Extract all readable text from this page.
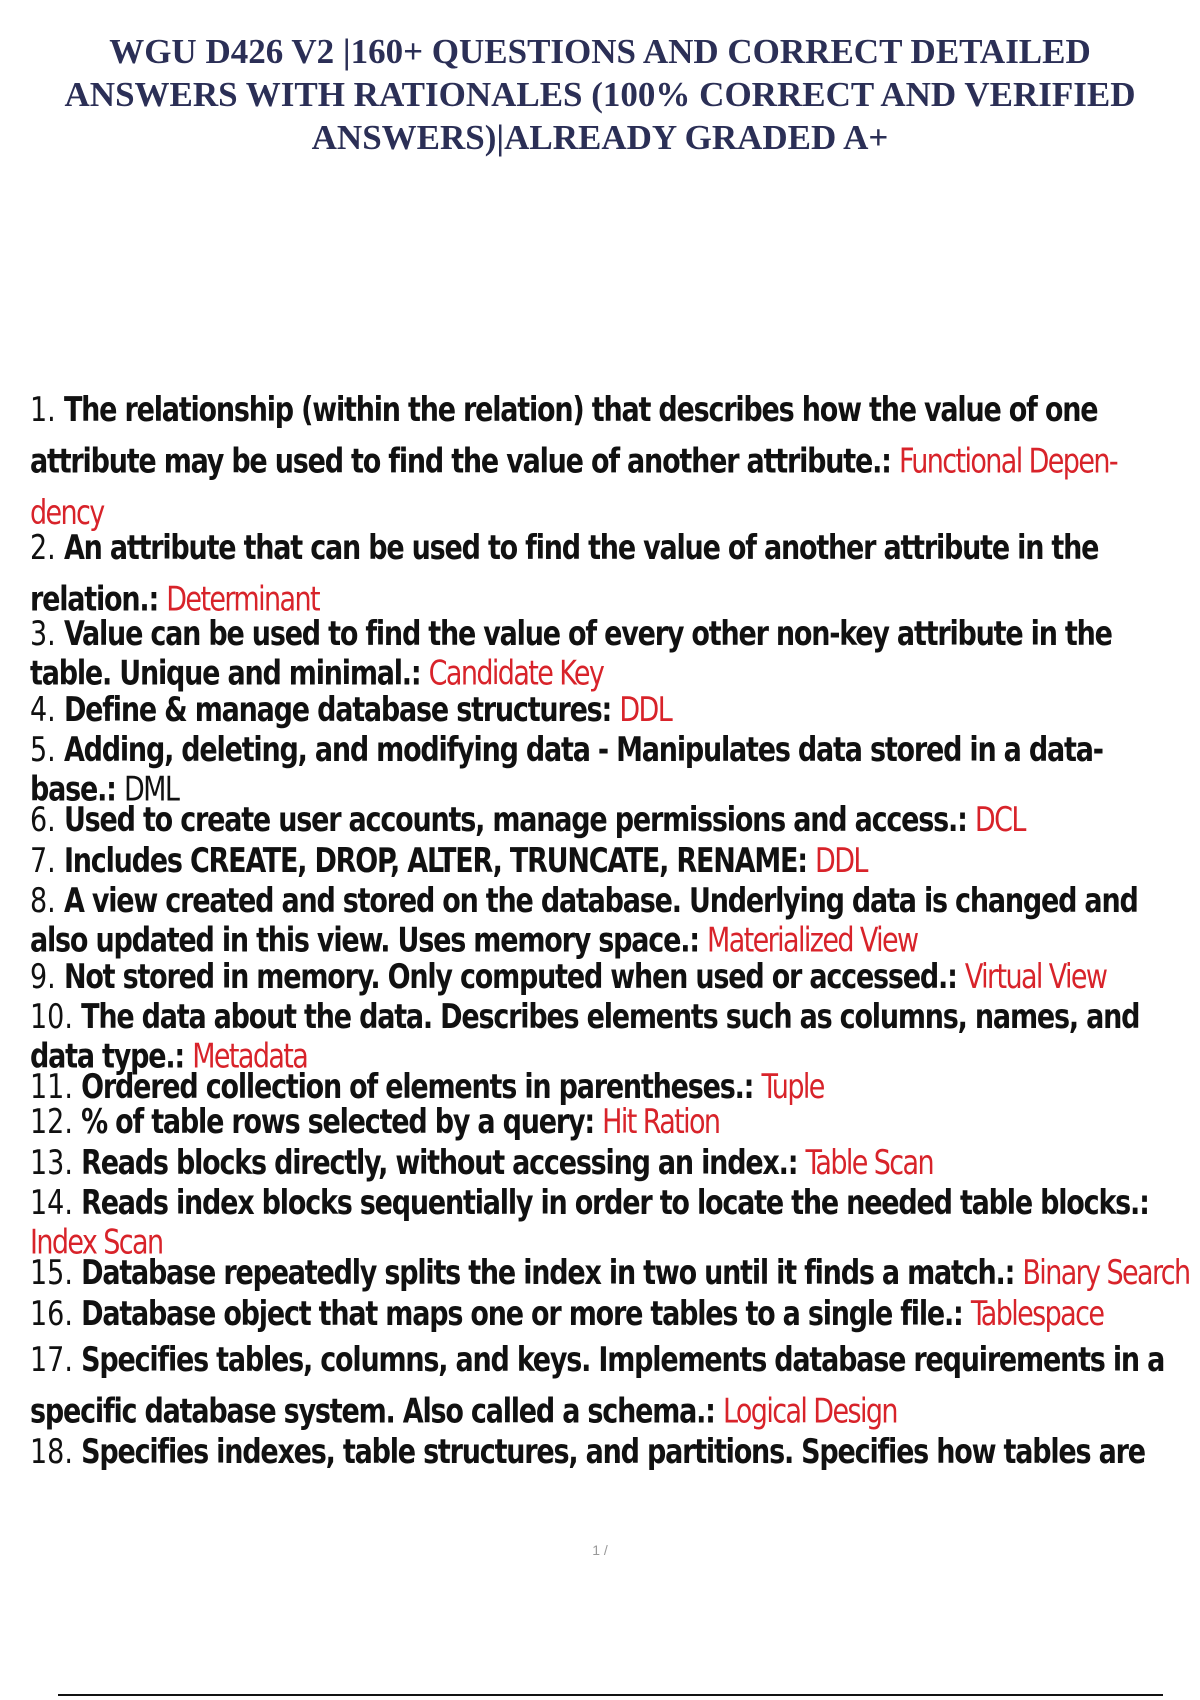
WGU D426 V2 |160+ QUESTIONS AND CORRECT DETAILED ANSWERS WITH RATIONALES (100% CORRECT AND VERIFIED ANSWERS)|ALREADY GRADED A+
1. The relationship (within the relation) that describes how the value of one attribute may be used to find the value of another attribute.: Functional Depen- dency
2. An attribute that can be used to find the value of another attribute in the relation.: Determinant
3. Value can be used to find the value of every other non-key attribute in the table. Unique and minimal.: Candidate Key
4. Define & manage database structures: DDL
5. Adding, deleting, and modifying data - Manipulates data stored in a data- base.: DML
6. Used to create user accounts, manage permissions and access.: DCL
7. Includes CREATE, DROP, ALTER, TRUNCATE, RENAME: DDL
8. A view created and stored on the database. Underlying data is changed and also updated in this view. Uses memory space.: Materialized View
9. Not stored in memory. Only computed when used or accessed.: Virtual View
10. The data about the data. Describes elements such as columns, names, and data type.: Metadata
11. Ordered collection of elements in parentheses.: Tuple
12. % of table rows selected by a query: Hit Ration
13. Reads blocks directly, without accessing an index.: Table Scan
14. Reads index blocks sequentially in order to locate the needed table blocks.: Index Scan
15. Database repeatedly splits the index in two until it finds a match.: Binary Search
16. Database object that maps one or more tables to a single file.: Tablespace
17. Specifies tables, columns, and keys. Implements database requirements in a specific database system. Also called a schema.: Logical Design
18. Specifies indexes, table structures, and partitions. Specifies how tables are
1 /
